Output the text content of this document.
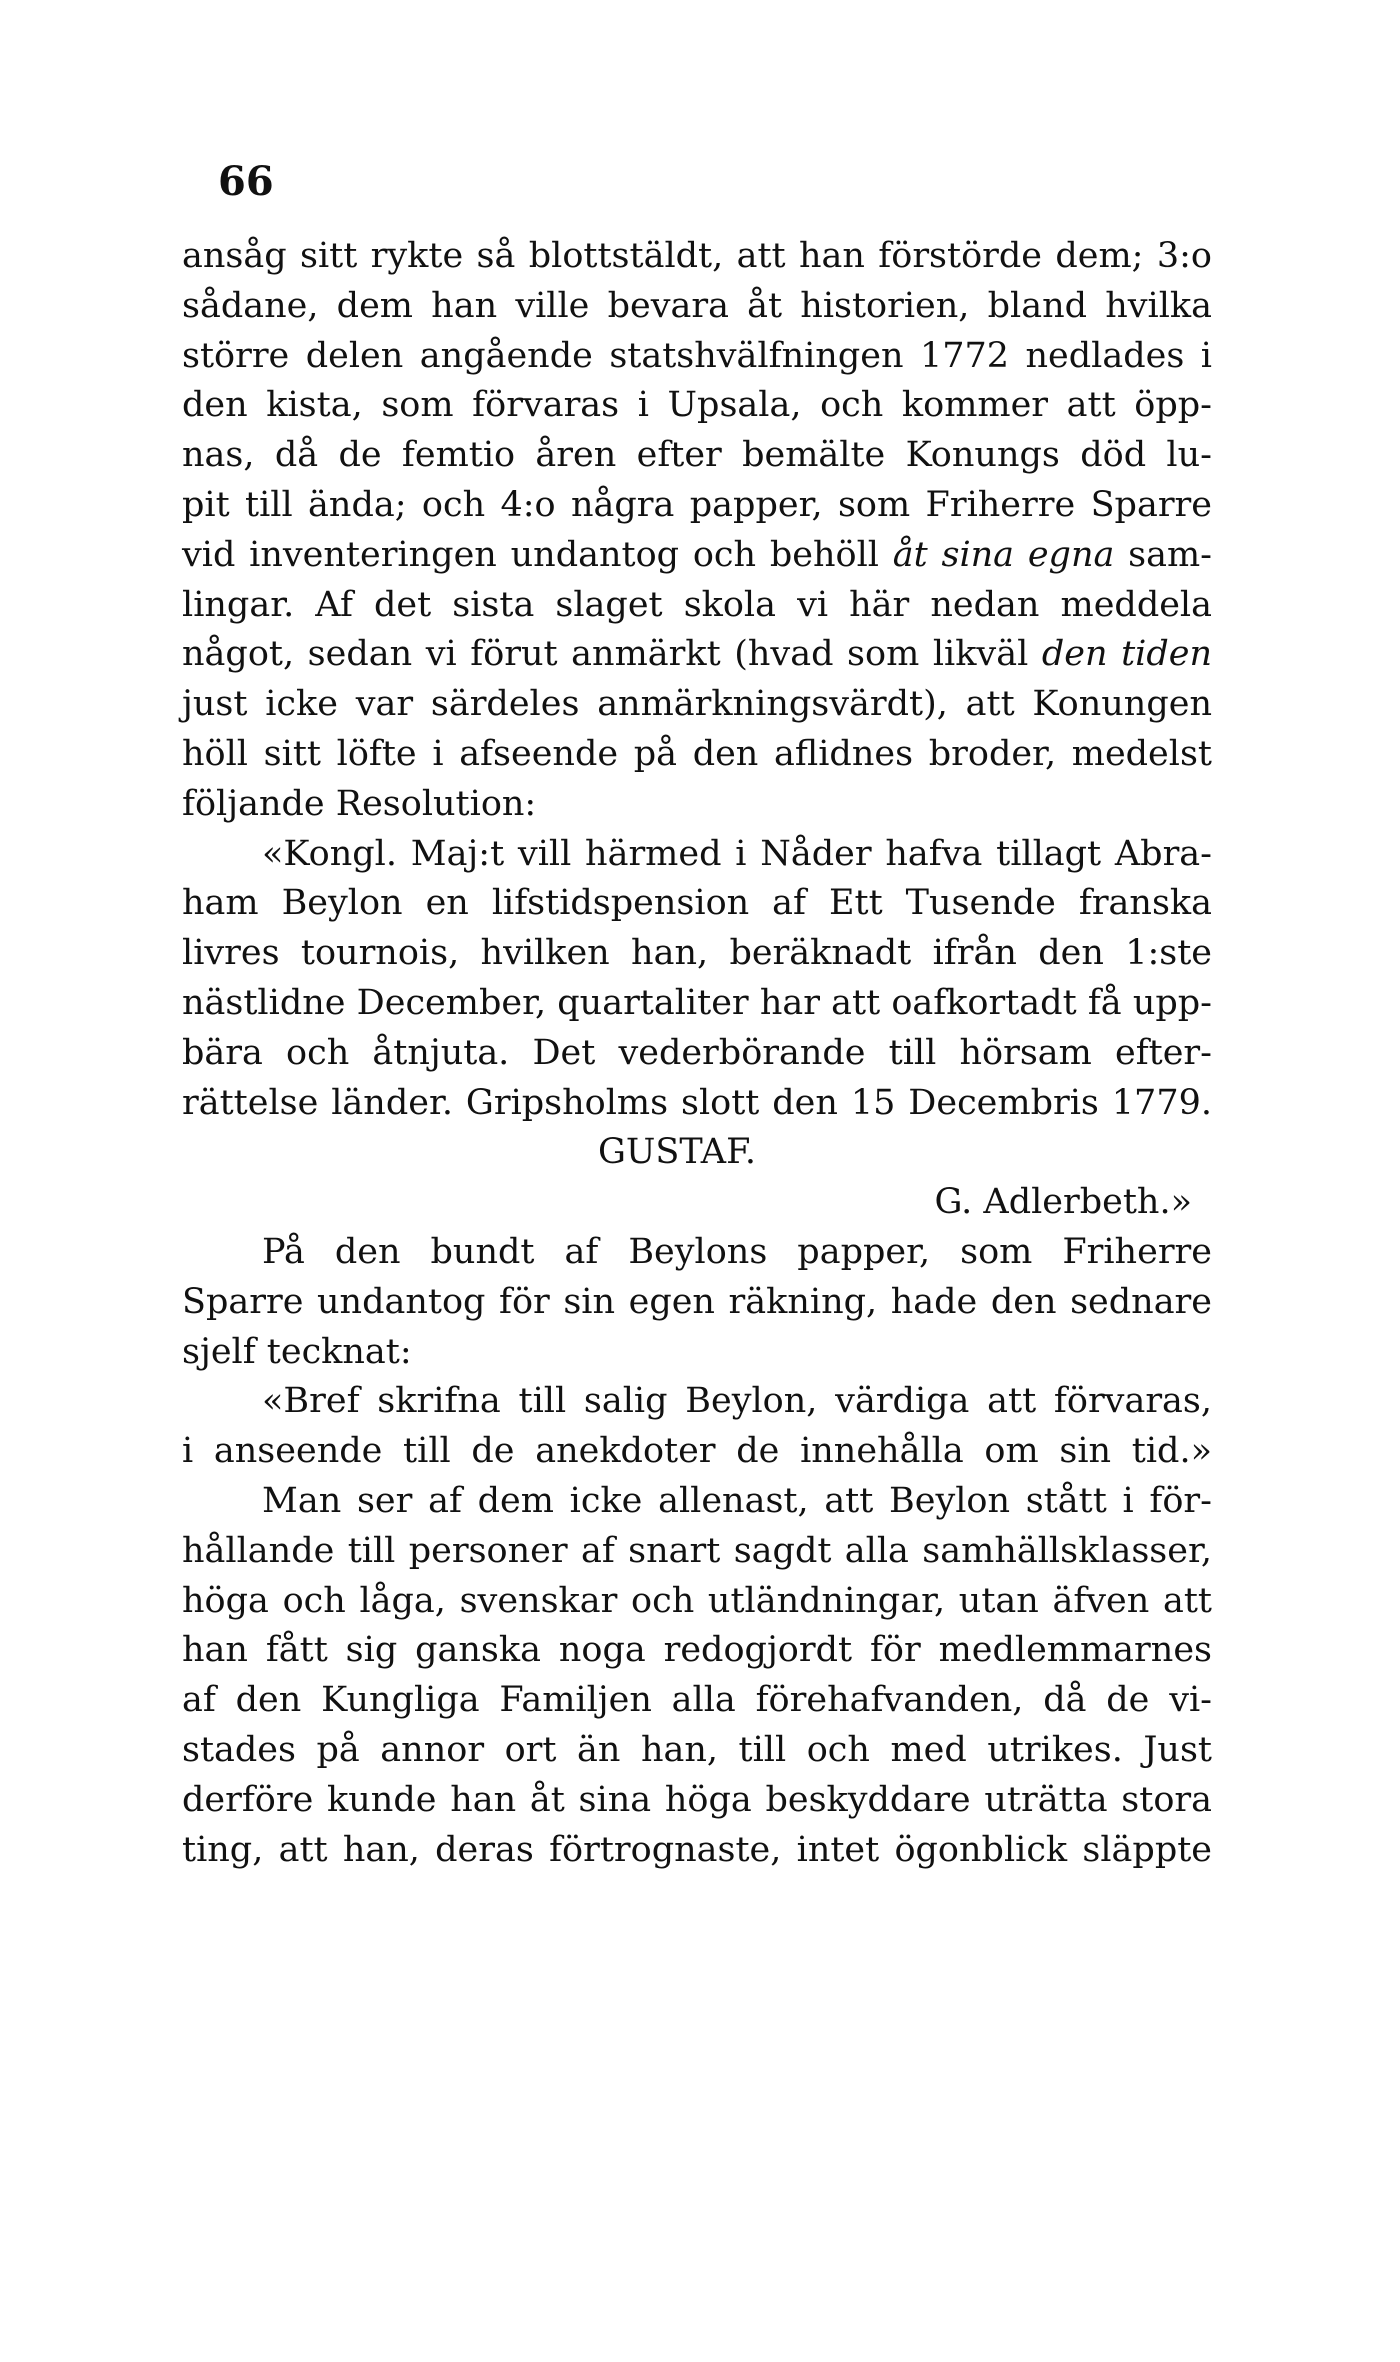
66
ansåg sitt rykte så blottstäldt, att han förstörde dem; 3:o
sådane, dem han ville bevara åt historien, bland hvilka
större delen angående statshvälfningen 1772 nedlades i
den kista, som förvaras i Upsala, och kommer att öpp-
nas, då de femtio åren efter bemälte Konungs död lu-
pit till ända; och 4:o några papper, som Friherre Sparre
vid inventeringen undantog och behöll åt sina egna sam-
lingar. Af det sista slaget skola vi här nedan meddela
något, sedan vi förut anmärkt (hvad som likväl den tiden
just icke var särdeles anmärkningsvärdt), att Konungen
höll sitt löfte i afseende på den aflidnes broder, medelst
följande Resolution:
«Kongl. Maj:t vill härmed i Nåder hafva tillagt Abra-
ham Beylon en lifstidspension af Ett Tusende franska
livres tournois, hvilken han, beräknadt ifrån den 1:ste
nästlidne December, quartaliter har att oafkortadt få upp-
bära och åtnjuta. Det vederbörande till hörsam efter-
rättelse länder. Gripsholms slott den 15 Decembris 1779.
GUSTAF.
G. Adlerbeth.»
På den bundt af Beylons papper, som Friherre
Sparre undantog för sin egen räkning, hade den sednare
sjelf tecknat:
«Bref skrifna till salig Beylon, värdiga att förvaras,
i anseende till de anekdoter de innehålla om sin tid.»
Man ser af dem icke allenast, att Beylon stått i för-
hållande till personer af snart sagdt alla samhällsklasser,
höga och låga, svenskar och utländningar, utan äfven att
han fått sig ganska noga redogjordt för medlemmarnes
af den Kungliga Familjen alla förehafvanden, då de vi-
stades på annor ort än han, till och med utrikes. Just
derföre kunde han åt sina höga beskyddare uträtta stora
ting, att han, deras förtrognaste, intet ögonblick släppte
